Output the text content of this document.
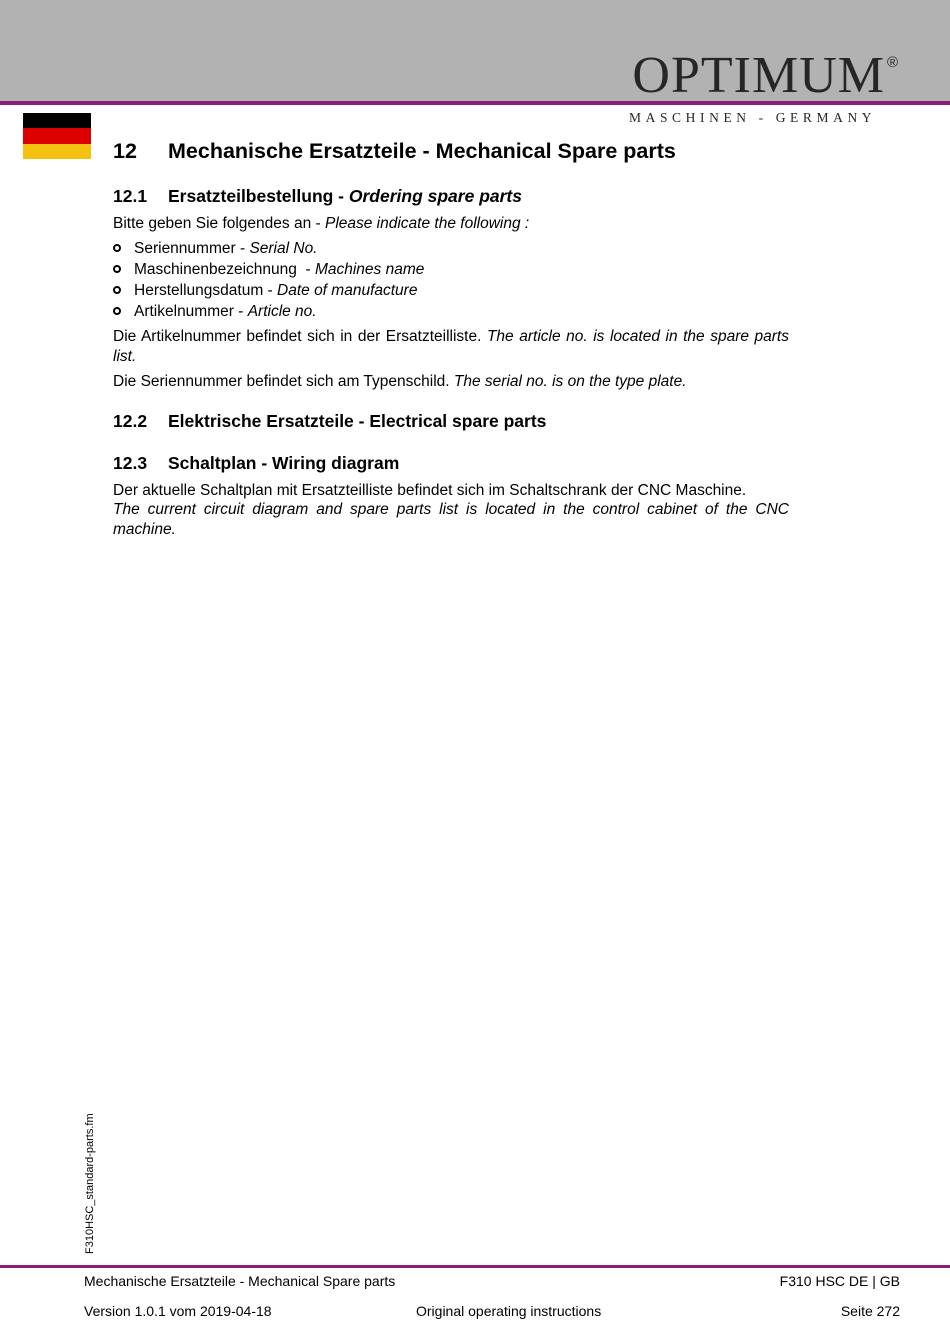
OPTIMUM ®
MASCHINEN - GERMANY
12 Mechanische Ersatzteile - Mechanical Spare parts
12.1 Ersatzteilbestellung - Ordering spare parts
Bitte geben Sie folgendes an - Please indicate the following :
Seriennummer - Serial No.
Maschinenbezeichnung  - Machines name
Herstellungsdatum - Date of manufacture
Artikelnummer - Article no.
Die Artikelnummer befindet sich in der Ersatzteilliste. The article no. is located in the spare parts list.
Die Seriennummer befindet sich am Typenschild. The serial no. is on the type plate.
12.2 Elektrische Ersatzteile - Electrical spare parts
12.3 Schaltplan - Wiring diagram
Der aktuelle Schaltplan mit Ersatzteilliste befindet sich im Schaltschrank der CNC Maschine.
The current circuit diagram and spare parts list is located in the control cabinet of the CNC
machine.
F310HSC_standard-parts.fm
Mechanische Ersatzteile - Mechanical Spare parts	F310 HSC DE | GB
Version 1.0.1 vom 2019-04-18	Original operating instructions	Seite 272
